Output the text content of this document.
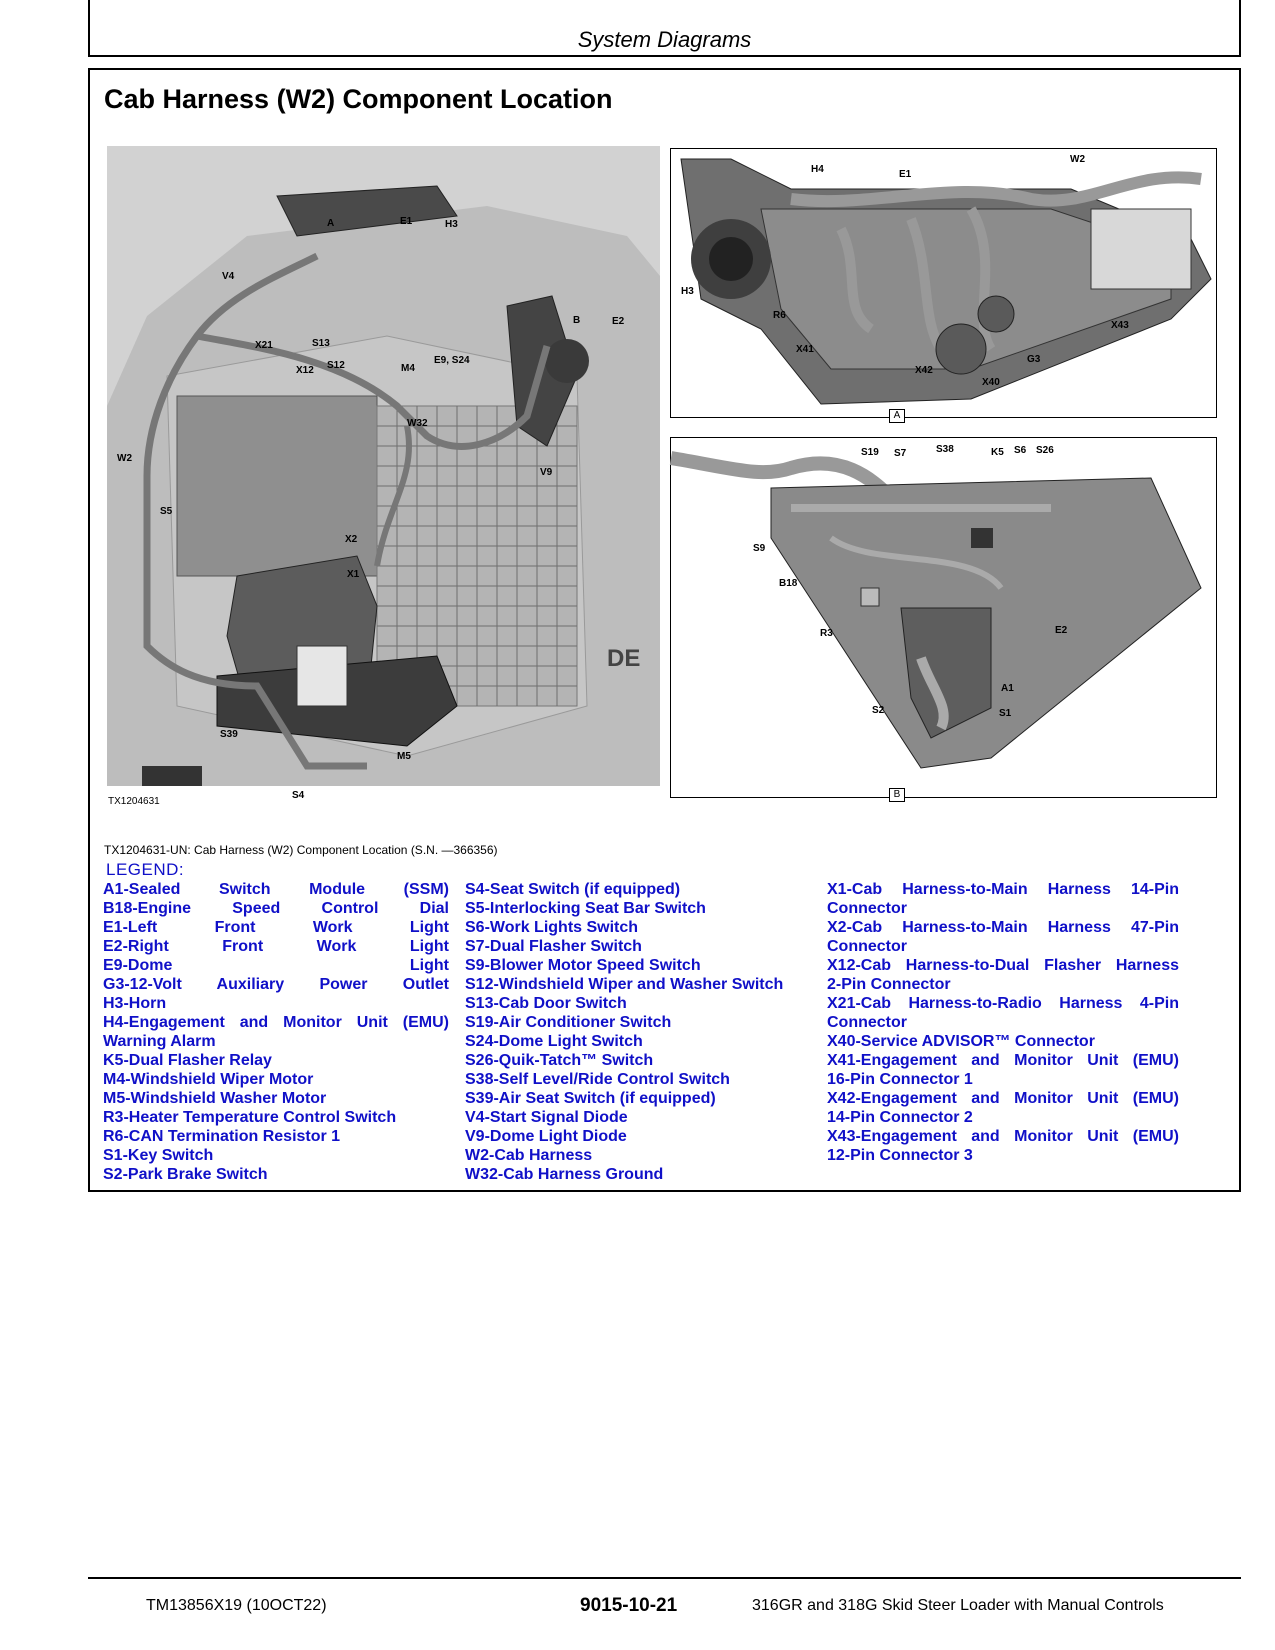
System Diagrams
Cab Harness (W2) Component Location
DE
A	E1	H3
V4
B	E2
X21	S13
X12 S12	M4
E9, S24
W32
W2
V9
S5
X2
X1
S39
M5
S4
H4	E1
W2
H3
R6
X41
X42
X43
G3
X40
A
S19 S7	S38	K5 S6 S26
S9
B18
R3	E2
A1
S2	S1
B
TX1204631
TX1204631-UN: Cab Harness (W2) Component Location (S.N. —366356)
LEGEND:
A1-Sealed Switch Module (SSM)
B18-Engine Speed Control Dial
E1-Left Front Work Light
E2-Right Front Work Light
E9-Dome Light
G3-12-Volt Auxiliary Power Outlet
H3-Horn
H4-Engagement and Monitor Unit (EMU)
Warning Alarm
K5-Dual Flasher Relay
M4-Windshield Wiper Motor
M5-Windshield Washer Motor
R3-Heater Temperature Control Switch
R6-CAN Termination Resistor 1
S1-Key Switch
S2-Park Brake Switch
S4-Seat Switch (if equipped)
S5-Interlocking Seat Bar Switch
S6-Work Lights Switch
S7-Dual Flasher Switch
S9-Blower Motor Speed Switch
S12-Windshield Wiper and Washer Switch
S13-Cab Door Switch
S19-Air Conditioner Switch
S24-Dome Light Switch
S26-Quik-Tatch™ Switch
S38-Self Level/Ride Control Switch
S39-Air Seat Switch (if equipped)
V4-Start Signal Diode
V9-Dome Light Diode
W2-Cab Harness
W32-Cab Harness Ground
X1-Cab Harness-to-Main Harness 14-Pin
Connector
X2-Cab Harness-to-Main Harness 47-Pin
Connector
X12-Cab Harness-to-Dual Flasher Harness
2-Pin Connector
X21-Cab Harness-to-Radio Harness 4-Pin
Connector
X40-Service ADVISOR™ Connector
X41-Engagement and Monitor Unit (EMU)
16-Pin Connector 1
X42-Engagement and Monitor Unit (EMU)
14-Pin Connector 2
X43-Engagement and Monitor Unit (EMU)
12-Pin Connector 3
TM13856X19 (10OCT22)	9015-10-21	316GR and 318G Skid Steer Loader with Manual Controls
